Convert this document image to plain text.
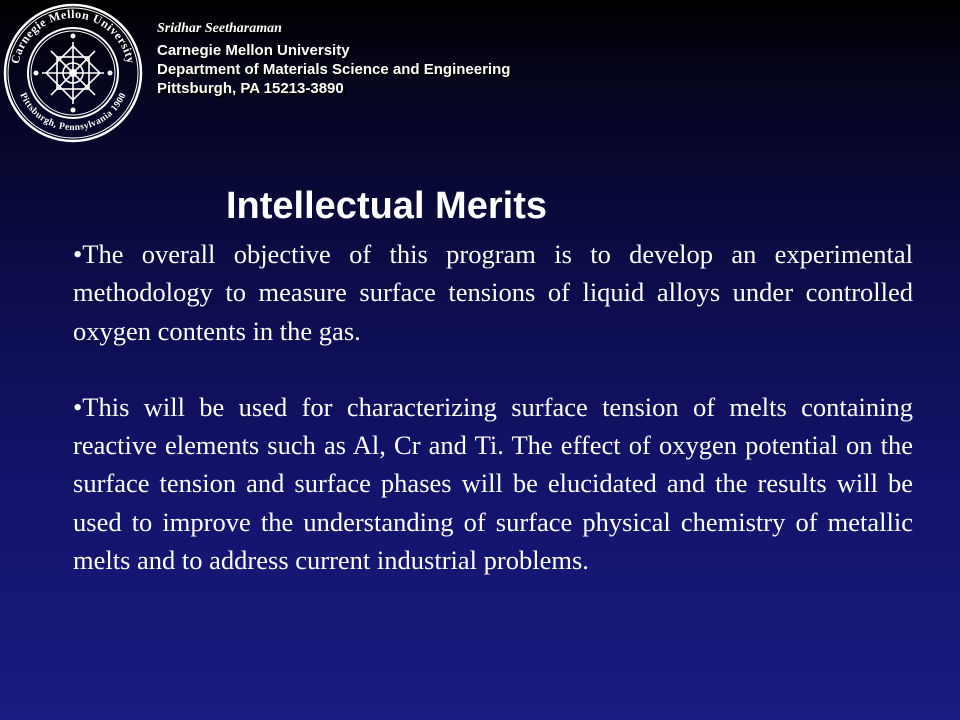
Carnegie Mellon University
Pittsburgh, Pennsylvania 1900
Sridhar Seetharaman
Carnegie Mellon University
Department of Materials Science and Engineering
Pittsburgh, PA 15213-3890
Intellectual Merits

•The overall objective of this program is to develop an experimental methodology to measure surface tensions of liquid alloys under controlled oxygen contents in the gas.

•This will be used for characterizing surface tension of melts containing reactive elements such as Al, Cr and Ti. The effect of oxygen potential on the surface tension and surface phases will be elucidated and the results will be used to improve the understanding of surface physical chemistry of metallic melts and to address current industrial problems.
